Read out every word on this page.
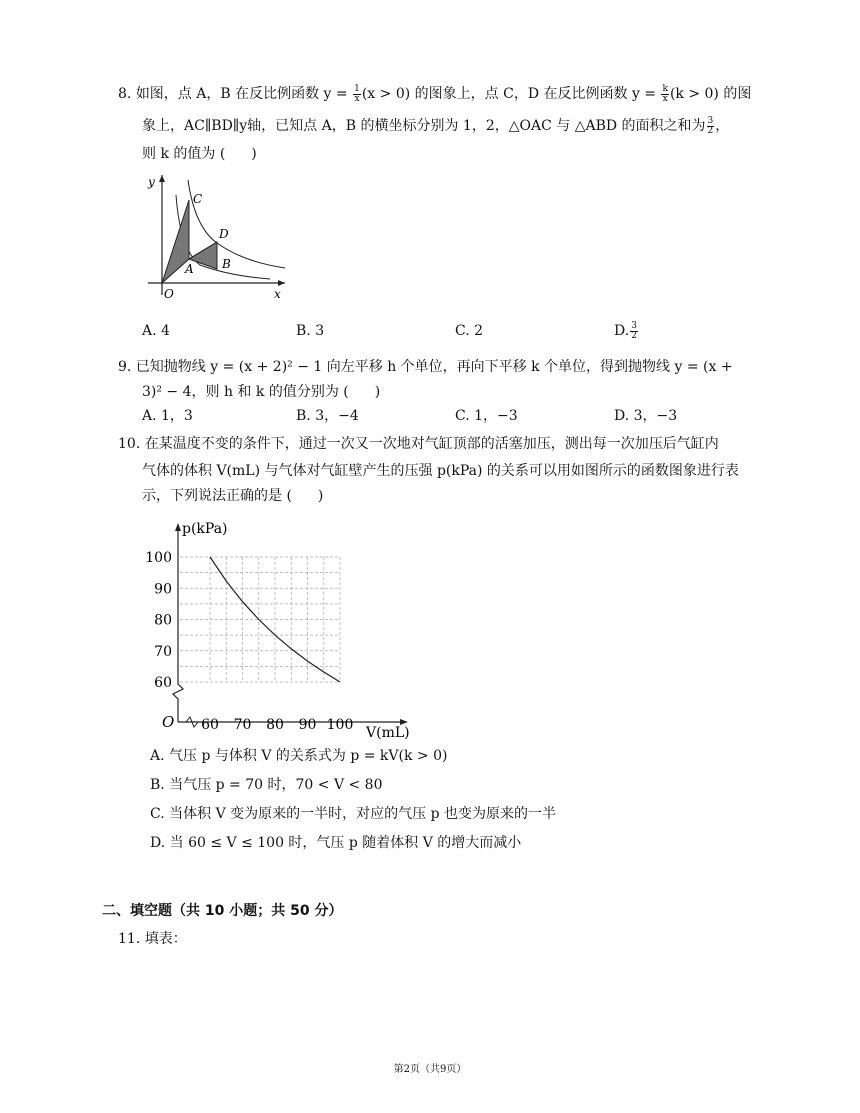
8. 如图，点 A，B 在反比例函数 $y = \frac{1}{x} (x > 0)$ 的图象上，点 C，D 在反比例函数 $y = \frac{k}{x} (k > 0)$ 的图
象上，AC∥BD∥y轴，已知点 A，B 的横坐标分别为 1，2，△OAC 与 △ABD 的面积之和为 $\frac{3}{2}$ ，
则 k 的值为 ( )
y
x
O
A B
C
D
A. 4	B. 3	C. 2	D. $\frac{3}{2}$
9. 已知抛物线 y = (x + 2)² − 1 向左平移 h 个单位，再向下平移 k 个单位，得到抛物线 y = (x +
3)² − 4，则 h 和 k 的值分别为 ( )
A. 1，3	B. 3，−4	C. 1，−3	D. 3，−3
10. 在某温度不变的条件下，通过一次又一次地对气缸顶部的活塞加压，测出每一次加压后气缸内
气体的体积 V(mL) 与气体对气缸壁产生的压强 p(kPa) 的关系可以用如图所示的函数图象进行表
示，下列说法正确的是 ( )
p(kPa)
V(mL)
O 60 70 80 90 100
100
90
80
70
60
A. 气压 p 与体积 V 的关系式为 p = kV(k > 0)
B. 当气压 p = 70 时，70 < V < 80
C. 当体积 V 变为原来的一半时，对应的气压 p 也变为原来的一半
D. 当 60 ≤ V ≤ 100 时，气压 p 随着体积 V 的增大而减小
二、填空题（共 10 小题；共 50 分）
11. 填表：
第2页（共9页）
